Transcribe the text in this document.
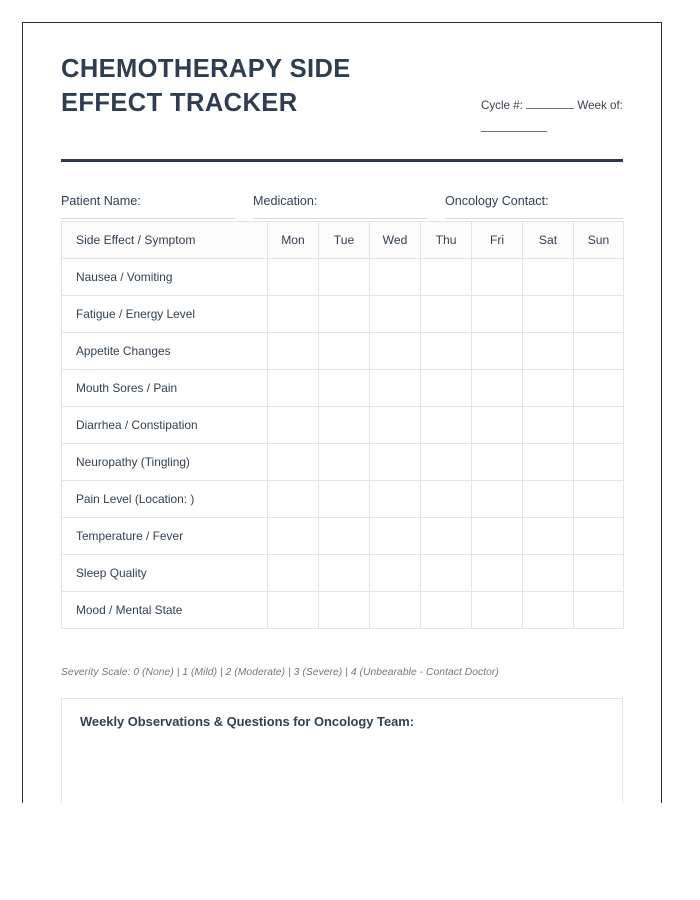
CHEMOTHERAPY SIDE EFFECT TRACKER	Cycle #:	Week of:
Patient Name:	Medication:	Oncology Contact:
Side Effect / Symptom	Mon	Tue	Wed	Thu	Fri	Sat	Sun
Nausea / Vomiting							
Fatigue / Energy Level							
Appetite Changes							
Mouth Sores / Pain							
Diarrhea / Constipation							
Neuropathy (Tingling)							
Pain Level (Location: )							
Temperature / Fever							
Sleep Quality							
Mood / Mental State							
Severity Scale: 0 (None) | 1 (Mild) | 2 (Moderate) | 3 (Severe) | 4 (Unbearable - Contact Doctor)
Weekly Observations & Questions for Oncology Team:
